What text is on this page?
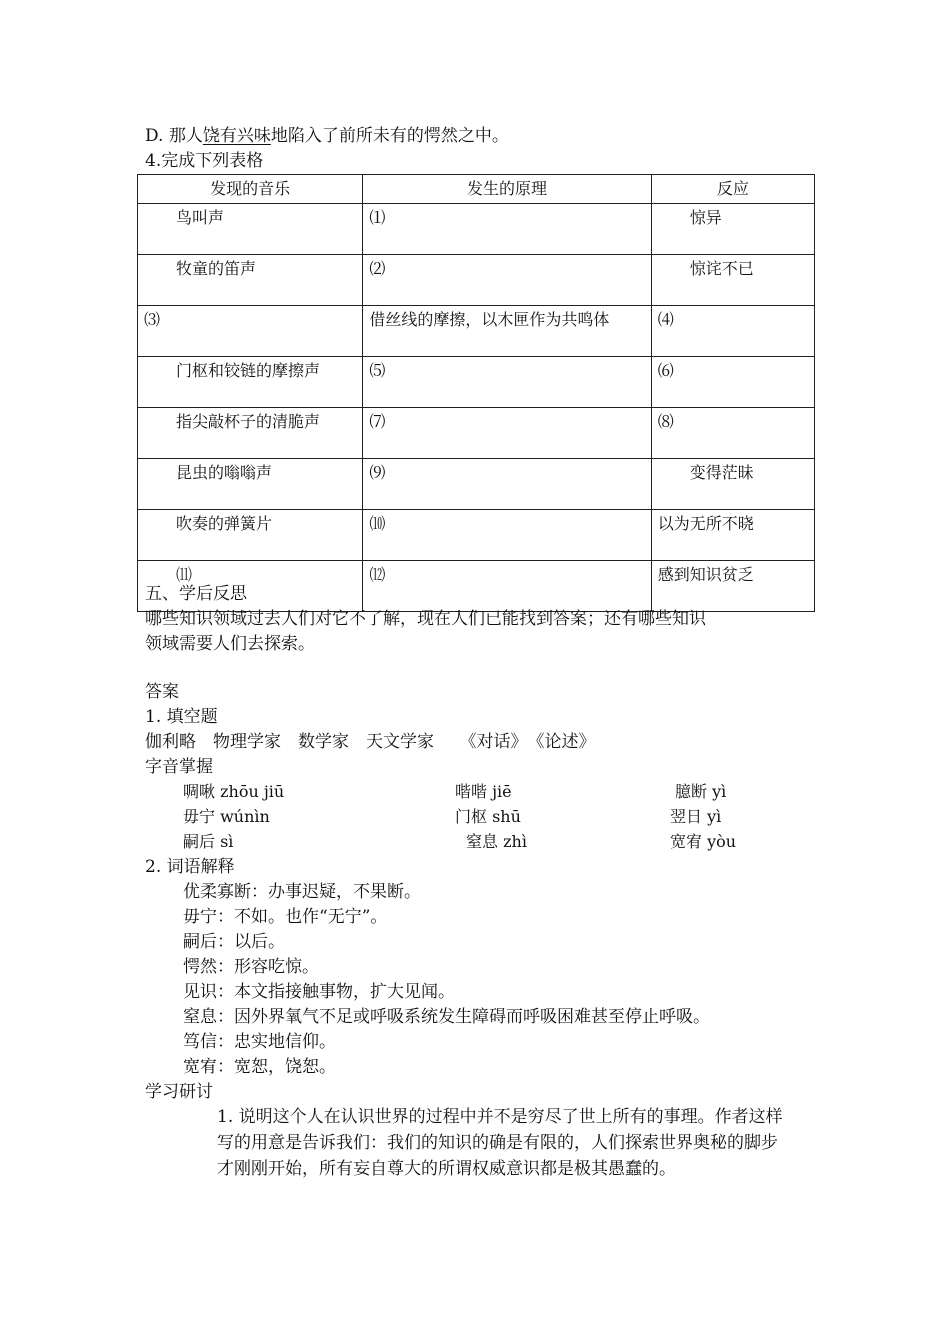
D. 那人饶有兴味地陷入了前所未有的愕然之中。
4.完成下列表格
发现的音乐	发生的原理	反应
鸟叫声	⑴	惊异
牧童的笛声	⑵	惊诧不已
⑶	借丝线的摩擦，以木匣作为共鸣体	⑷
门枢和铰链的摩擦声	⑸	⑹
指尖敲杯子的清脆声	⑺	⑻
昆虫的嗡嗡声	⑼	变得茫昧
吹奏的弹簧片	⑽	以为无所不晓
⑾	⑿	感到知识贫乏
五、学后反思
哪些知识领域过去人们对它不了解，现在人们已能找到答案；还有哪些知识
领域需要人们去探索。
答案
1. 填空题
伽利略　物理学家　数学家　天文学家　　《对话》　《论述》
字音掌握
啁啾 zhōu jiū	喈喈 jiē	臆断 yì
毋宁 wúnìn	门枢 shū	翌日 yì
嗣后 sì	窒息 zhì	宽宥 yòu
2. 词语解释
优柔寡断：办事迟疑，不果断。
毋宁：不如。也作“无宁”。
嗣后：以后。
愕然：形容吃惊。
见识：本文指接触事物，扩大见闻。
窒息：因外界氧气不足或呼吸系统发生障碍而呼吸困难甚至停止呼吸。
笃信：忠实地信仰。
宽宥：宽恕，饶恕。
学习研讨
1. 说明这个人在认识世界的过程中并不是穷尽了世上所有的事理。作者这样写的用意是告诉我们：我们的知识的确是有限的，人们探索世界奥秘的脚步才刚刚开始，所有妄自尊大的所谓权威意识都是极其愚蠢的。
